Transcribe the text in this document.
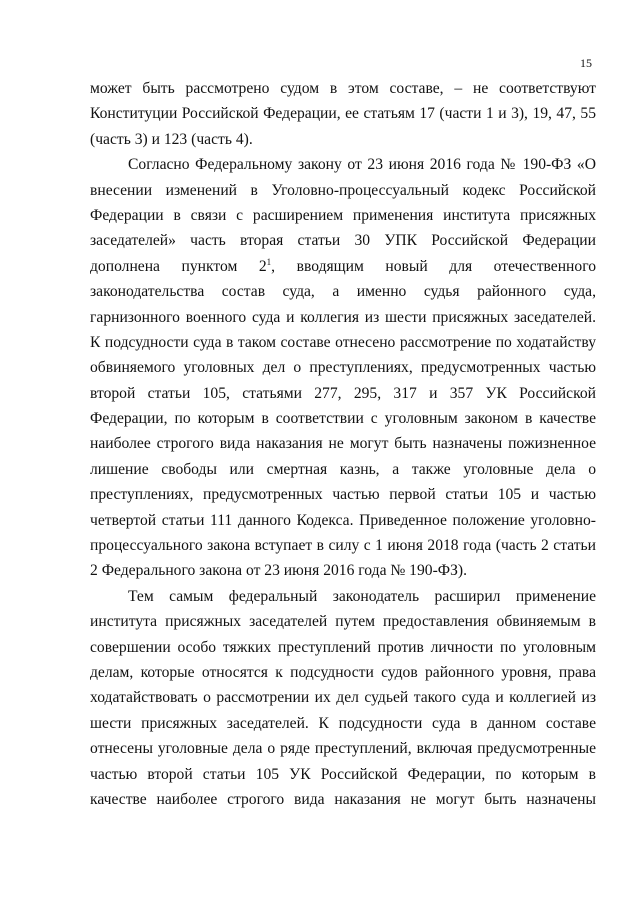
15
может быть рассмотрено судом в этом составе, – не соответствуют
Конституции Российской Федерации, ее статьям 17 (части 1 и 3), 19, 47, 55
(часть 3) и 123 (часть 4).
Согласно Федеральному закону от 23 июня 2016 года № 190-ФЗ «О
внесении изменений в Уголовно-процессуальный кодекс Российской
Федерации в связи с расширением применения института присяжных
заседателей» часть вторая статьи 30 УПК Российской Федерации
дополнена пунктом $2^1$, вводящим новый для отечественного
законодательства состав суда, а именно судья районного суда,
гарнизонного военного суда и коллегия из шести присяжных заседателей.
К подсудности суда в таком составе отнесено рассмотрение по ходатайству
обвиняемого уголовных дел о преступлениях, предусмотренных частью
второй статьи 105, статьями 277, 295, 317 и 357 УК Российской
Федерации, по которым в соответствии с уголовным законом в качестве
наиболее строгого вида наказания не могут быть назначены пожизненное
лишение свободы или смертная казнь, а также уголовные дела о
преступлениях, предусмотренных частью первой статьи 105 и частью
четвертой статьи 111 данного Кодекса. Приведенное положение уголовно-
процессуального закона вступает в силу с 1 июня 2018 года (часть 2 статьи
2 Федерального закона от 23 июня 2016 года № 190-ФЗ).
Тем самым федеральный законодатель расширил применение
института присяжных заседателей путем предоставления обвиняемым в
совершении особо тяжких преступлений против личности по уголовным
делам, которые относятся к подсудности судов районного уровня, права
ходатайствовать о рассмотрении их дел судьей такого суда и коллегией из
шести присяжных заседателей. К подсудности суда в данном составе
отнесены уголовные дела о ряде преступлений, включая предусмотренные
частью второй статьи 105 УК Российской Федерации, по которым в
качестве наиболее строгого вида наказания не могут быть назначены
